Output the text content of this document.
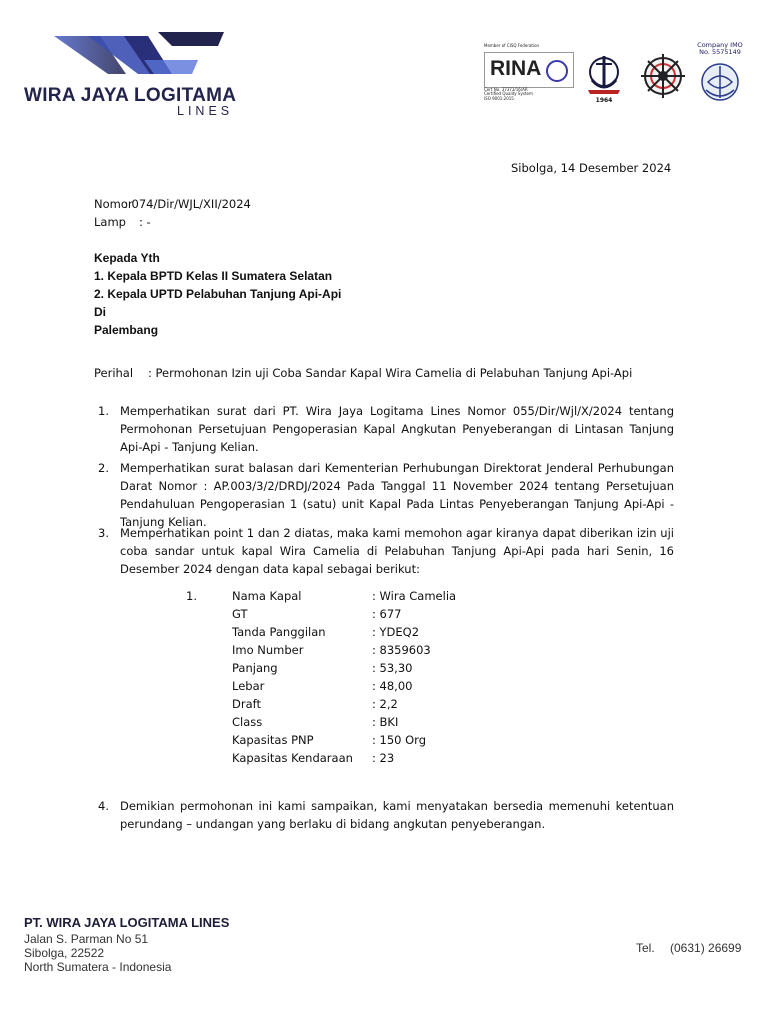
WIRA JAYA LOGITAMA
LINES
Member of CISQ Federation
RINA
Cert No. 37373/16/AR
Certified Quality System
ISO 9001:2015	1964
Company IMO
No. 5575149
Sibolga, 14 Desember 2024
Nomor
: 074/Dir/WJL/XII/2024
Lamp : -
Kepada Yth
1. Kepala BPTD Kelas II Sumatera Selatan
2. Kepala UPTD Pelabuhan Tanjung Api-Api
Di
Palembang
Perihal : Permohonan Izin uji Coba Sandar Kapal Wira Camelia di Pelabuhan Tanjung Api-Api
1. Memperhatikan surat dari PT. Wira Jaya Logitama Lines Nomor 055/Dir/Wjl/X/2024 tentang Permohonan Persetujuan Pengoperasian Kapal Angkutan Penyeberangan di Lintasan Tanjung Api-Api - Tanjung Kelian.
2. Memperhatikan surat balasan dari Kementerian Perhubungan Direktorat Jenderal Perhubungan Darat Nomor : AP.003/3/2/DRDJ/2024 Pada Tanggal 11 November 2024 tentang Persetujuan Pendahuluan Pengoperasian 1 (satu) unit Kapal Pada Lintas Penyeberangan Tanjung Api-Api - Tanjung Kelian.
3. Memperhatikan point 1 dan 2 diatas, maka kami memohon agar kiranya dapat diberikan izin uji coba sandar untuk kapal Wira Camelia di Pelabuhan Tanjung Api-Api pada hari Senin, 16 Desember 2024 dengan data kapal sebagai berikut:
1.	Nama Kapal	: Wira Camelia
GT	: 677
Tanda Panggilan	: YDEQ2
Imo Number	: 8359603
Panjang	: 53,30
Lebar	: 48,00
Draft	: 2,2
Class	: BKI
Kapasitas PNP	: 150 Org
Kapasitas Kendaraan	: 23
4. Demikian permohonan ini kami sampaikan, kami menyatakan bersedia memenuhi ketentuan perundang – undangan yang berlaku di bidang angkutan penyeberangan.
PT. WIRA JAYA LOGITAMA LINES
Jalan S. Parman No 51
Sibolga, 22522
North Sumatera - Indonesia
Tel. (0631) 26699
